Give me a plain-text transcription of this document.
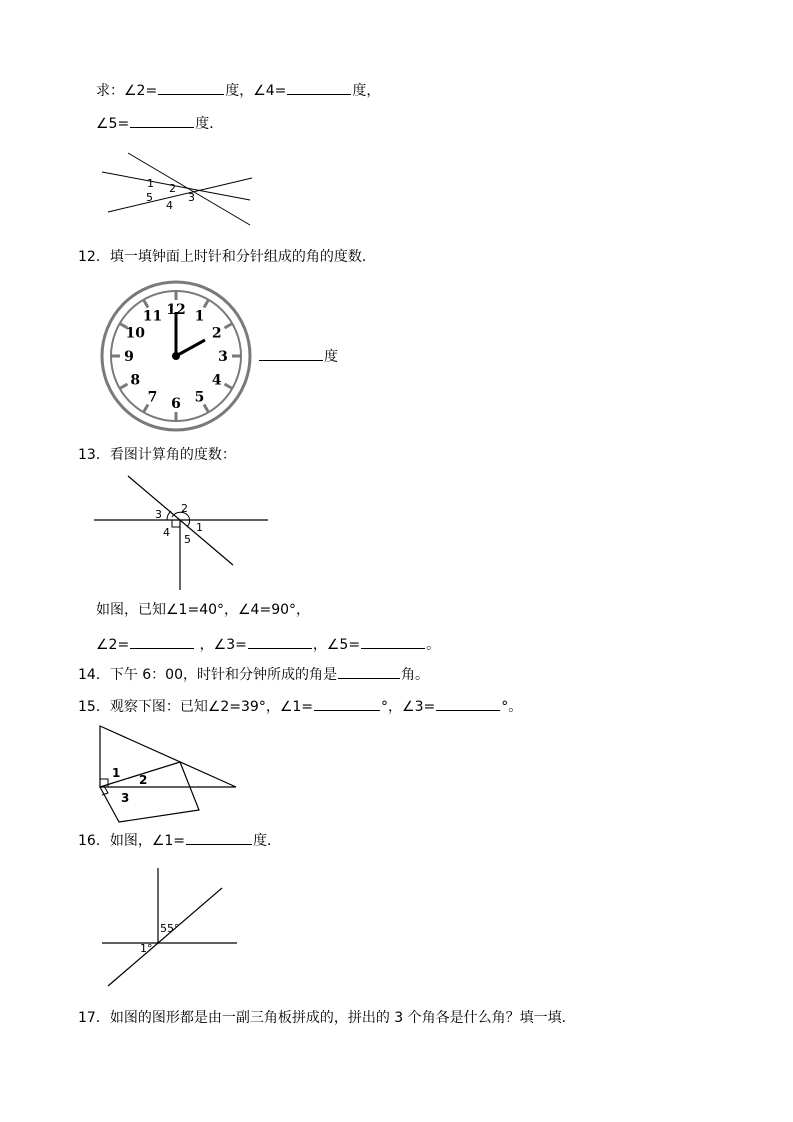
求：∠2=	度，∠4=	度，
∠5=	度．
1 2
3
4
5
12．填一填钟面上时针和分针组成的角的度数．
12 1
2
3
4
5
6
7
8
9
10
11
度
13．看图计算角的度数：
1
2
3
4
5
如图，已知∠1=40°，∠4=90°，
∠2=	，∠3=	，∠5=	。
14．下午 6：00，时针和分钟所成的角是	角。
15．观察下图：已知∠2=39°，∠1=	°，∠3=	°。
1 2
3
16．如图，∠1=	度．
55°
1°
17．如图的图形都是由一副三角板拼成的，拼出的 3 个角各是什么角？填一填．
